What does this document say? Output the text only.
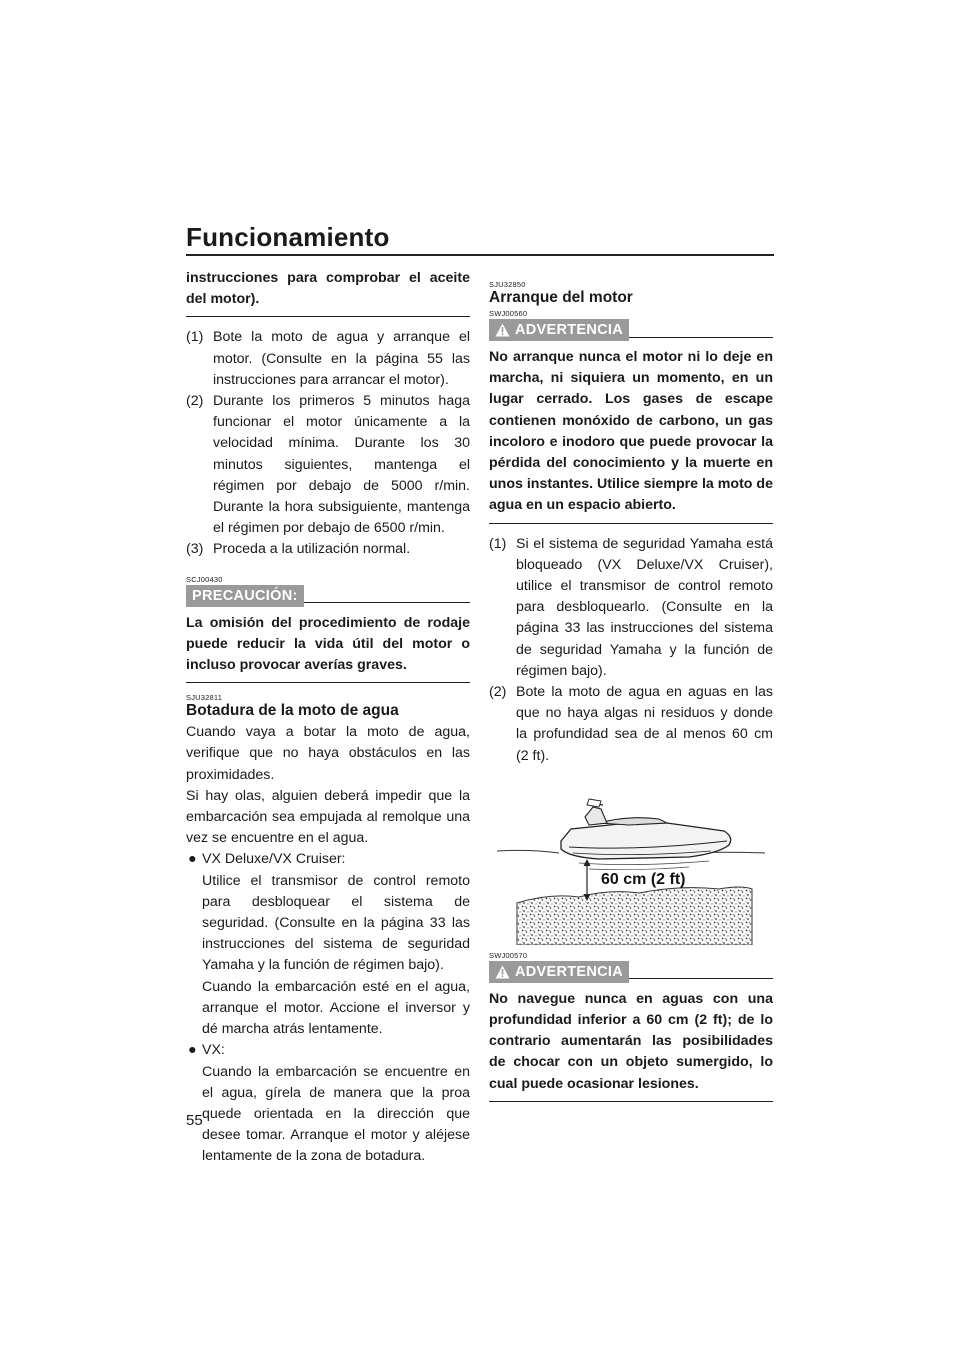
Funcionamiento

instrucciones para comprobar el aceite del motor).

(1) Bote la moto de agua y arranque el motor. (Consulte en la página 55 las instrucciones para arrancar el motor).
(2) Durante los primeros 5 minutos haga funcionar el motor únicamente a la velocidad mínima. Durante los 30 minutos siguientes, mantenga el régimen por debajo de 5000 r/min. Durante la hora subsiguiente, mantenga el régimen por debajo de 6500 r/min.
(3) Proceda a la utilización normal.
SCJ00430
PRECAUCIÓN:

La omisión del procedimiento de rodaje puede reducir la vida útil del motor o incluso provocar averías graves.

SJU32811
Botadura de la moto de agua

Cuando vaya a botar la moto de agua, verifique que no haya obstáculos en las proximidades.

Si hay olas, alguien deberá impedir que la embarcación sea empujada al remolque una vez se encuentre en el agua.

● VX Deluxe/VX Cruiser:

Utilice el transmisor de control remoto para desbloquear el sistema de seguridad. (Consulte en la página 33 las instrucciones del sistema de seguridad Yamaha y la función de régimen bajo).

Cuando la embarcación esté en el agua, arranque el motor. Accione el inversor y dé marcha atrás lentamente.

● VX:

Cuando la embarcación se encuentre en el agua, gírela de manera que la proa quede orientada en la dirección que desee tomar. Arranque el motor y aléjese lentamente de la zona de botadura.

SJU32850
Arranque del motor
SWJ00560
ADVERTENCIA

No arranque nunca el motor ni lo deje en marcha, ni siquiera un momento, en un lugar cerrado. Los gases de escape contienen monóxido de carbono, un gas incoloro e inodoro que puede provocar la pérdida del conocimiento y la muerte en unos instantes. Utilice siempre la moto de agua en un espacio abierto.

(1) Si el sistema de seguridad Yamaha está bloqueado (VX Deluxe/VX Cruiser), utilice el transmisor de control remoto para desbloquearlo. (Consulte en la página 33 las instrucciones del sistema de seguridad Yamaha y la función de régimen bajo).
(2) Bote la moto de agua en aguas en las que no haya algas ni residuos y donde la profundidad sea de al menos 60 cm (2 ft).
60 cm (2 ft)
SWJ00570
ADVERTENCIA

No navegue nunca en aguas con una profundidad inferior a 60 cm (2 ft); de lo contrario aumentarán las posibilidades de chocar con un objeto sumergido, lo cual puede ocasionar lesiones.

55
